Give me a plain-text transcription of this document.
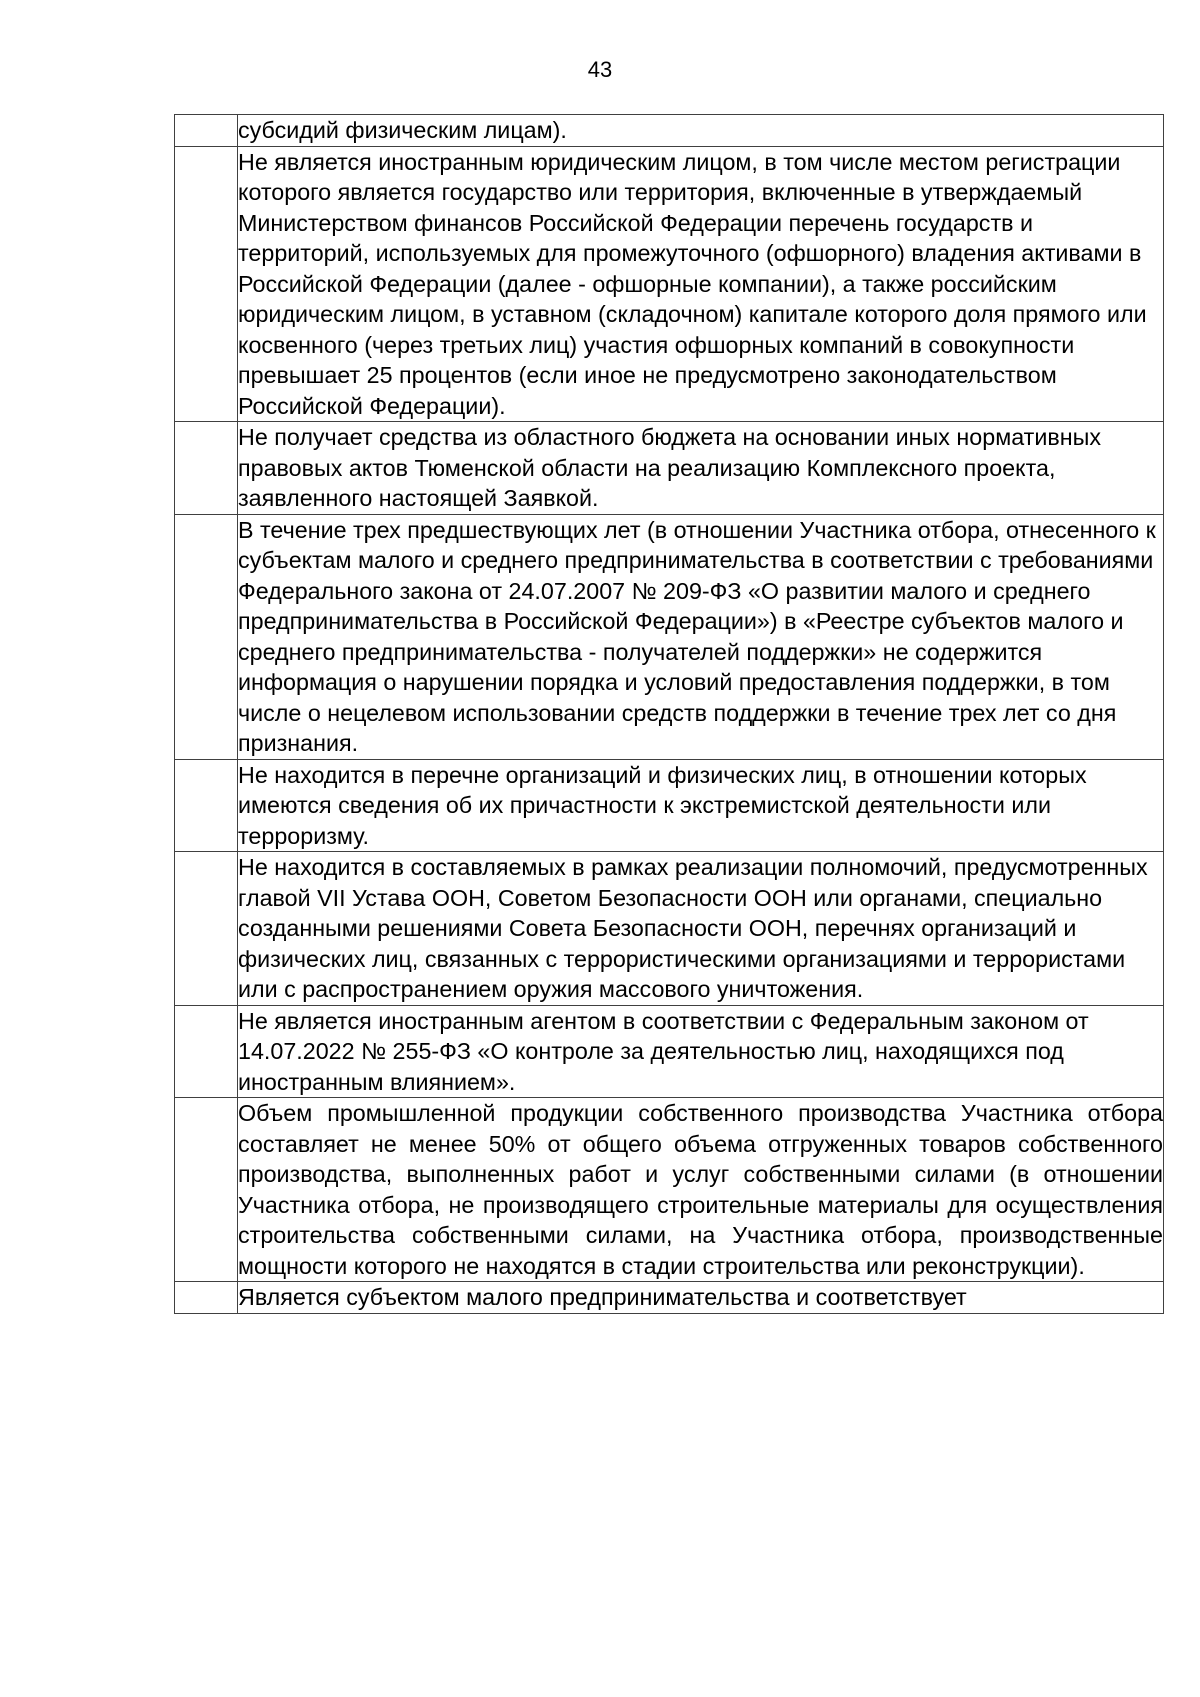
43
	субсидий физическим лицам).
	Не является иностранным юридическим лицом, в том числе местом регистрации которого является государство или территория, включенные в утверждаемый Министерством финансов Российской Федерации перечень государств и территорий, используемых для промежуточного (офшорного) владения активами в Российской Федерации (далее - офшорные компании), а также российским юридическим лицом, в уставном (складочном) капитале которого доля прямого или косвенного (через третьих лиц) участия офшорных компаний в совокупности превышает 25 процентов (если иное не предусмотрено законодательством Российской Федерации).
	Не получает средства из областного бюджета на основании иных нормативных правовых актов Тюменской области на реализацию Комплексного проекта, заявленного настоящей Заявкой.
	В течение трех предшествующих лет (в отношении Участника отбора, отнесенного к субъектам малого и среднего предпринимательства в соответствии с требованиями Федерального закона от 24.07.2007 № 209-ФЗ «О развитии малого и среднего предпринимательства в Российской Федерации») в «Реестре субъектов малого и среднего предпринимательства - получателей поддержки» не содержится информация о нарушении порядка и условий предоставления поддержки, в том числе о нецелевом использовании средств поддержки в течение трех лет со дня признания.
	Не находится в перечне организаций и физических лиц, в отношении которых имеются сведения об их причастности к экстремистской деятельности или терроризму.
	Не находится в составляемых в рамках реализации полномочий, предусмотренных главой VII Устава ООН, Советом Безопасности ООН или органами, специально созданными решениями Совета Безопасности ООН, перечнях организаций и физических лиц, связанных с террористическими организациями и террористами или с распространением оружия массового уничтожения.
	Не является иностранным агентом в соответствии с Федеральным законом от 14.07.2022 № 255-ФЗ «О контроле за деятельностью лиц, находящихся под иностранным влиянием».
	Объем промышленной продукции собственного производства Участника отбора составляет не менее 50% от общего объема отгруженных товаров собственного производства, выполненных работ и услуг собственными силами (в отношении Участника отбора, не производящего строительные материалы для осуществления строительства собственными силами, на Участника отбора, производственные мощности которого не находятся в стадии строительства или реконструкции).
	Является субъектом малого предпринимательства и соответствует
